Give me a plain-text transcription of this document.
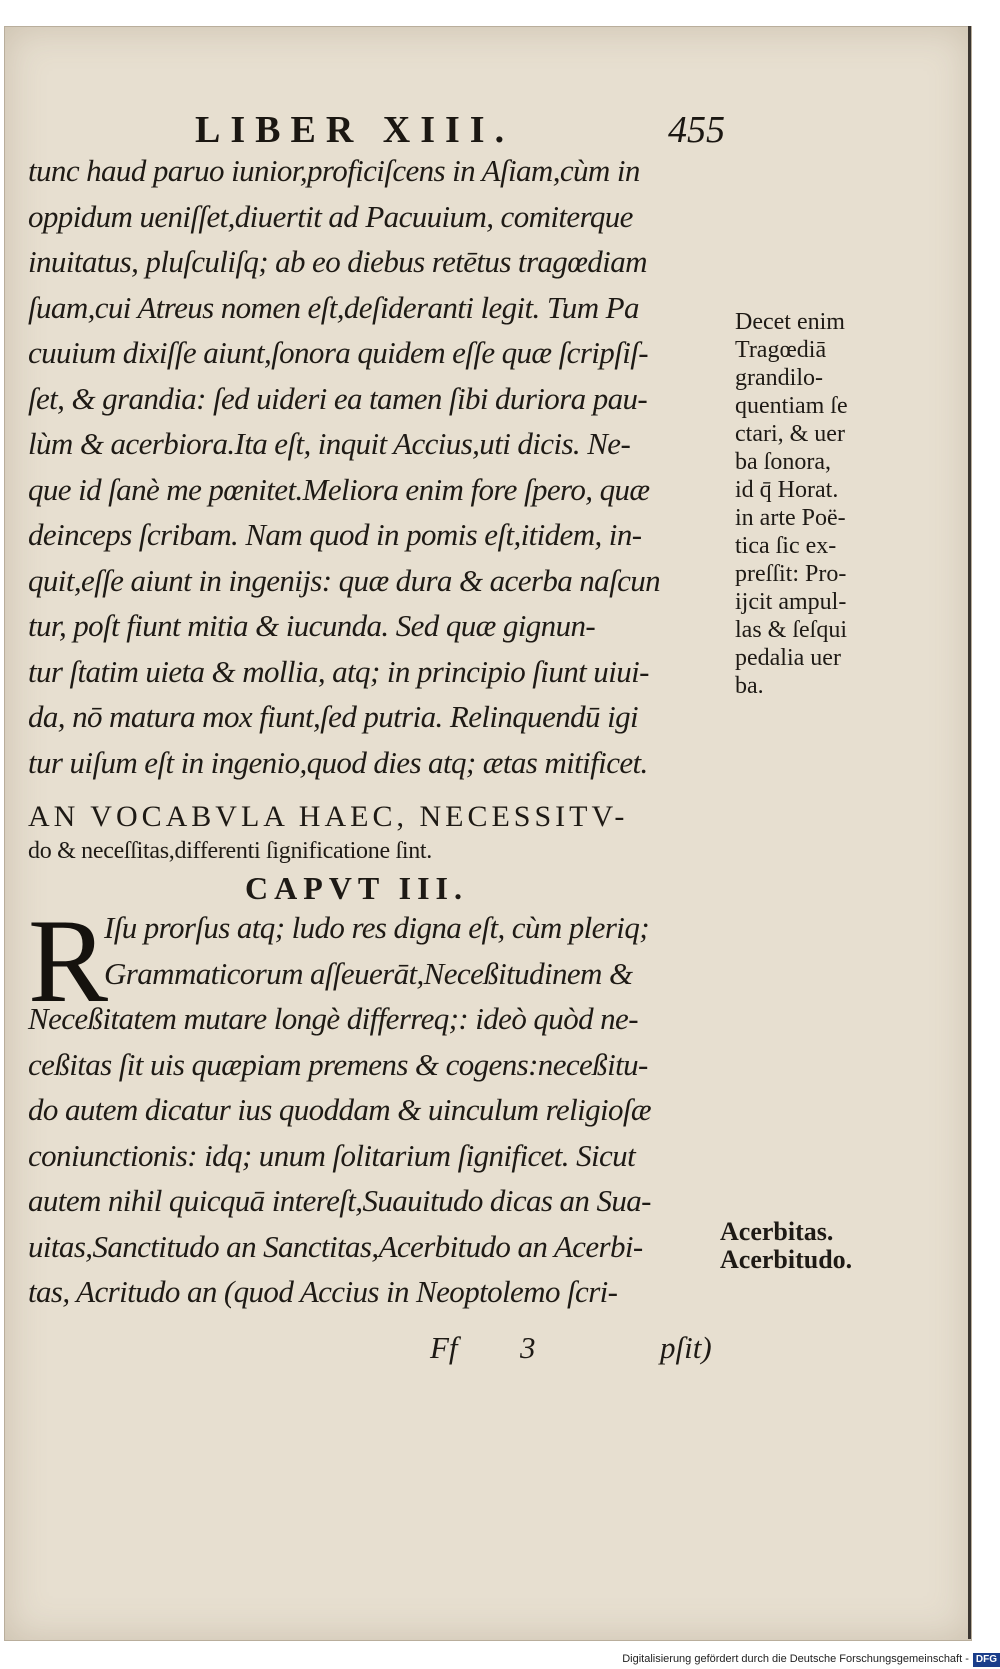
LIBER XIII.	455
tunc haud paruo iunior,proficiſcens in Aſiam,cùm in
oppidum ueniſſet,diuertit ad Pacuuium, comiterque
inuitatus, pluſculiſq; ab eo diebus retētus tragœdiam
ſuam,cui Atreus nomen eſt,deſideranti legit. Tum Pa
cuuium dixiſſe aiunt,ſonora quidem eſſe quæ ſcripſiſ-
ſet, & grandia: ſed uideri ea tamen ſibi duriora pau-
lùm & acerbiora.Ita eſt, inquit Accius,uti dicis. Ne-
que id ſanè me pœnitet.Meliora enim fore ſpero, quæ
deinceps ſcribam. Nam quod in pomis eſt,itidem, in-
quit,eſſe aiunt in ingenijs: quæ dura & acerba naſcun
tur, poſt fiunt mitia & iucunda. Sed quæ gignun-
tur ſtatim uieta & mollia, atq; in principio ſiunt uiui-
da, nō matura mox fiunt,ſed putria. Relinquendū igi
tur uiſum eſt in ingenio,quod dies atq; ætas mitificet.
Decet enim
Tragœdiā
grandilo-
quentiam ſe
ctari, & uer
ba ſonora,
id q̄ Horat.
in arte Poë-
tica ſic ex-
preſſit: Pro-
ijcit ampul-
las & ſeſqui
pedalia uer
ba.
AN VOCABVLA HAEC, NECESSITV-
do & neceſſitas,differenti ſignificatione ſint.
CAPVT III.
R
Iſu prorſus atq; ludo res digna eſt, cùm pleriq;
Grammaticorum aſſeuerāt,Neceßitudinem &
Neceßitatem mutare longè differreq;: ideò quòd ne-
ceßitas ſit uis quæpiam premens & cogens:neceßitu-
do autem dicatur ius quoddam & uinculum religioſæ
coniunctionis: idq; unum ſolitarium ſignificet. Sicut
autem nihil quicquā intereſt,Suauitudo dicas an Sua-
uitas,Sanctitudo an Sanctitas,Acerbitudo an Acerbi-
tas, Acritudo an (quod Accius in Neoptolemo ſcri-
Acerbitas.
Acerbitudo.
Ff 3	pſit)
Digitalisierung gefördert durch die Deutsche Forschungsgemeinschaft - DFG
